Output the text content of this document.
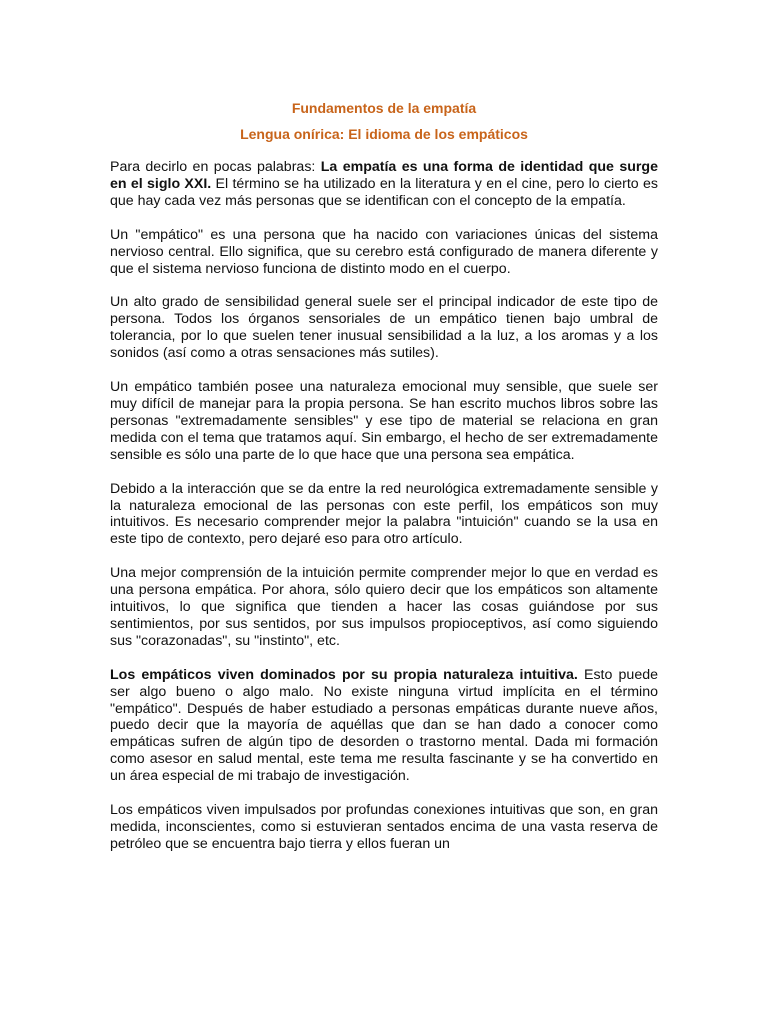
Fundamentos de la empatía
Lengua onírica: El idioma de los empáticos

Para decirlo en pocas palabras: La empatía es una forma de identidad que surge en el siglo XXI. El término se ha utilizado en la literatura y en el cine, pero lo cierto es que hay cada vez más personas que se identifican con el concepto de la empatía.

Un "empático" es una persona que ha nacido con variaciones únicas del sistema nervioso central. Ello significa, que su cerebro está configurado de manera diferente y que el sistema nervioso funciona de distinto modo en el cuerpo.

Un alto grado de sensibilidad general suele ser el principal indicador de este tipo de persona. Todos los órganos sensoriales de un empático tienen bajo umbral de tolerancia, por lo que suelen tener inusual sensibilidad a la luz, a los aromas y a los sonidos (así como a otras sensaciones más sutiles).

Un empático también posee una naturaleza emocional muy sensible, que suele ser muy difícil de manejar para la propia persona. Se han escrito muchos libros sobre las personas "extremadamente sensibles" y ese tipo de material se relaciona en gran medida con el tema que tratamos aquí. Sin embargo, el hecho de ser extremadamente sensible es sólo una parte de lo que hace que una persona sea empática.

Debido a la interacción que se da entre la red neurológica extremadamente sensible y la naturaleza emocional de las personas con este perfil, los empáticos son muy intuitivos. Es necesario comprender mejor la palabra "intuición" cuando se la usa en este tipo de contexto, pero dejaré eso para otro artículo.

Una mejor comprensión de la intuición permite comprender mejor lo que en verdad es una persona empática. Por ahora, sólo quiero decir que los empáticos son altamente intuitivos, lo que significa que tienden a hacer las cosas guiándose por sus sentimientos, por sus sentidos, por sus impulsos propioceptivos, así como siguiendo sus "corazonadas", su "instinto", etc.

Los empáticos viven dominados por su propia naturaleza intuitiva. Esto puede ser algo bueno o algo malo. No existe ninguna virtud implícita en el término "empático". Después de haber estudiado a personas empáticas durante nueve años, puedo decir que la mayoría de aquéllas que dan se han dado a conocer como empáticas sufren de algún tipo de desorden o trastorno mental. Dada mi formación como asesor en salud mental, este tema me resulta fascinante y se ha convertido en un área especial de mi trabajo de investigación.

Los empáticos viven impulsados por profundas conexiones intuitivas que son, en gran medida, inconscientes, como si estuvieran sentados encima de una vasta reserva de petróleo que se encuentra bajo tierra y ellos fueran un
